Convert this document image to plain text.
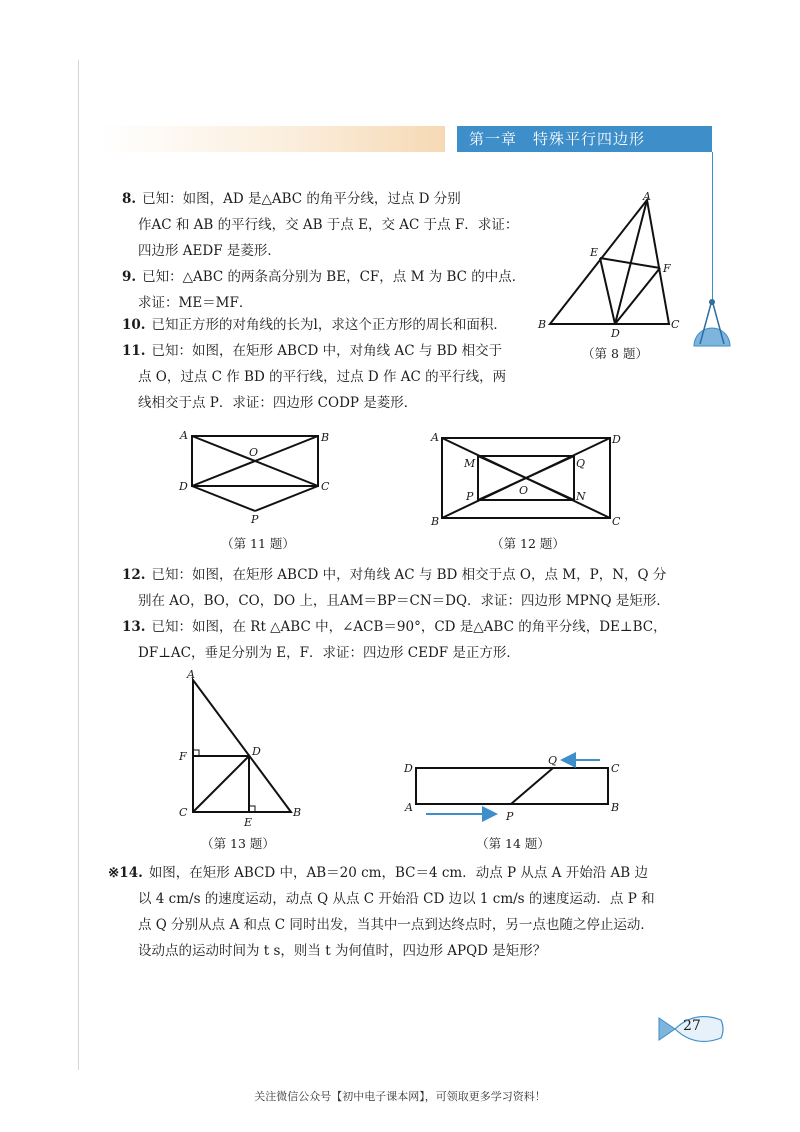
第一章　特殊平行四边形
8. 已知：如图，AD 是△ABC 的角平分线，过点 D 分别
作AC 和 AB 的平行线，交 AB 于点 E，交 AC 于点 F．求证：
四边形 AEDF 是菱形．
A
B	C
D
E
F
（第 8 题）
9. 已知：△ABC 的两条高分别为 BE，CF，点 M 为 BC 的中点．
求证：ME＝MF．
10. 已知正方形的对角线的长为l，求这个正方形的周长和面积．
11. 已知：如图，在矩形 ABCD 中，对角线 AC 与 BD 相交于
点 O，过点 C 作 BD 的平行线，过点 D 作 AC 的平行线，两
线相交于点 P．求证：四边形 CODP 是菱形．
A	B
C
D
O
P
（第 11 题）
A
B	C
D
M
N
O
P
Q
（第 12 题）
12. 已知：如图，在矩形 ABCD 中，对角线 AC 与 BD 相交于点 O，点 M，P，N，Q 分
别在 AO，BO，CO，DO 上，且AM＝BP＝CN＝DQ．求证：四边形 MPNQ 是矩形．
13. 已知：如图，在 Rt △ABC 中，∠ACB＝90°，CD 是△ABC 的角平分线，DE⊥BC，
DF⊥AC，垂足分别为 E，F．求证：四边形 CEDF 是正方形．
A
B
C
D
E
F
（第 13 题）
A	B
C
D
P
Q
（第 14 题）
※14. 如图，在矩形 ABCD 中，AB＝20 cm，BC＝4 cm．动点 P 从点 A 开始沿 AB 边
以 4 cm/s 的速度运动，动点 Q 从点 C 开始沿 CD 边以 1 cm/s 的速度运动．点 P 和
点 Q 分别从点 A 和点 C 同时出发，当其中一点到达终点时，另一点也随之停止运动．
设动点的运动时间为 t s，则当 t 为何值时，四边形 APQD 是矩形？
27
关注微信公众号【初中电子课本网】，可领取更多学习资料！
